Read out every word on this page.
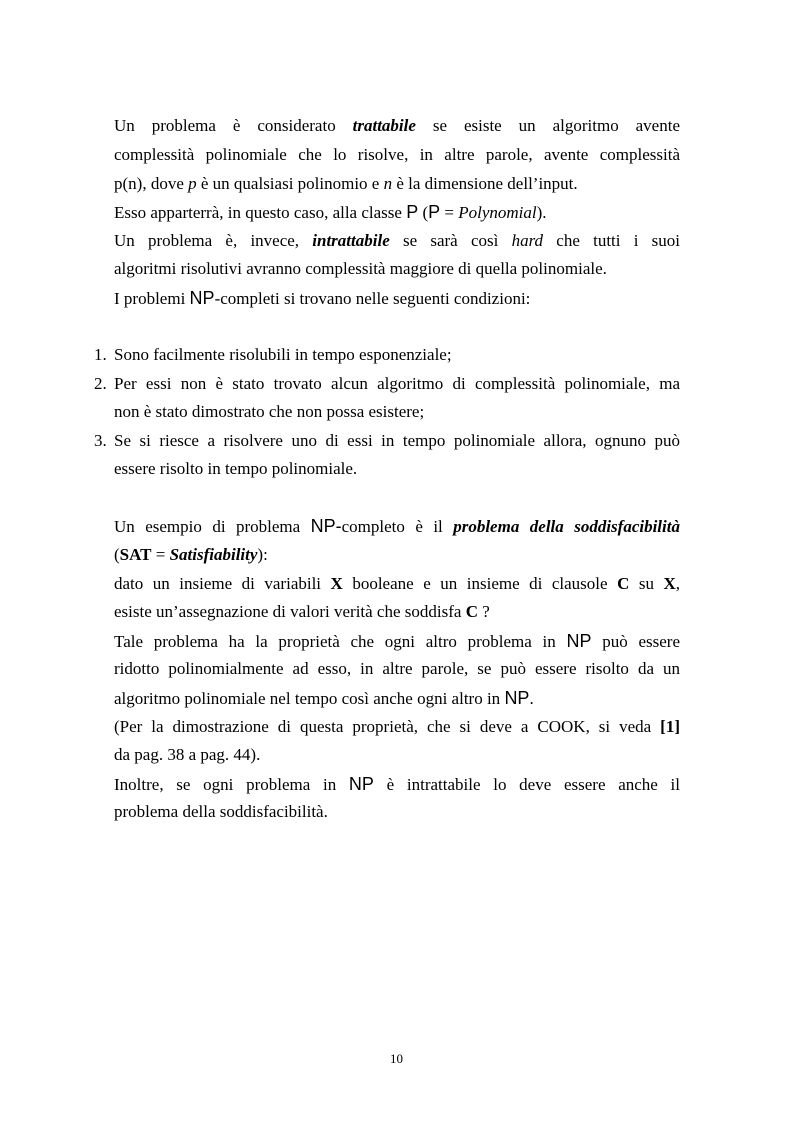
Un problema è considerato trattabile se esiste un algoritmo avente
complessità polinomiale che lo risolve, in altre parole, avente complessità
p(n), dove p è un qualsiasi polinomio e n è la dimensione dell’input.
Esso apparterrà, in questo caso, alla classe P (P = Polynomial).
Un problema è, invece, intrattabile se sarà così hard che tutti i suoi
algoritmi risolutivi avranno complessità maggiore di quella polinomiale.
I problemi NP-completi si trovano nelle seguenti condizioni:
1. Sono facilmente risolubili in tempo esponenziale;
2. Per essi non è stato trovato alcun algoritmo di complessità polinomiale, ma
non è stato dimostrato che non possa esistere;
3. Se si riesce a risolvere uno di essi in tempo polinomiale allora, ognuno può
essere risolto in tempo polinomiale.
Un esempio di problema NP-completo è il problema della soddisfacibilità
(SAT = Satisfiability):
dato un insieme di variabili X booleane e un insieme di clausole C su X,
esiste un’assegnazione di valori verità che soddisfa C ?
Tale problema ha la proprietà che ogni altro problema in NP può essere
ridotto polinomialmente ad esso, in altre parole, se può essere risolto da un
algoritmo polinomiale nel tempo così anche ogni altro in NP.
(Per la dimostrazione di questa proprietà, che si deve a COOK, si veda [1]
da pag. 38 a pag. 44).
Inoltre, se ogni problema in NP è intrattabile lo deve essere anche il
problema della soddisfacibilità.
10
